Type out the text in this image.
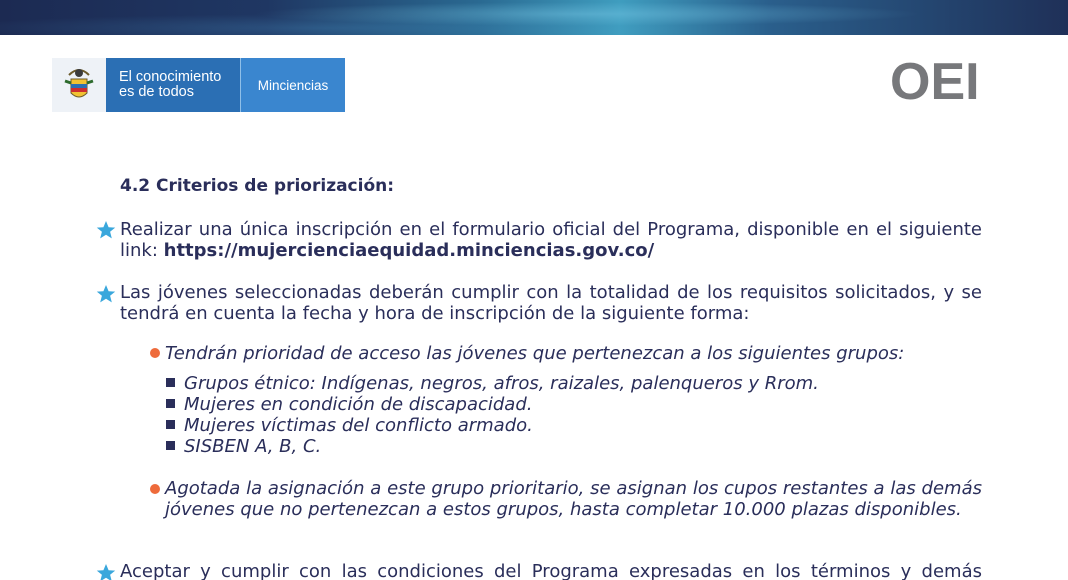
El conocimiento
es de todos	Minciencias	OEI
4.2 Criterios de priorización:
Realizar una única inscripción en el formulario oficial del Programa, disponible en el siguiente link: https://mujercienciaequidad.minciencias.gov.co/
Las jóvenes seleccionadas deberán cumplir con la totalidad de los requisitos solicitados, y se tendrá en cuenta la fecha y hora de inscripción de la siguiente forma:
Tendrán prioridad de acceso las jóvenes que pertenezcan a los siguientes grupos:
Grupos étnico: Indígenas, negros, afros, raizales, palenqueros y Rrom.
Mujeres en condición de discapacidad.
Mujeres víctimas del conflicto armado.
SISBEN A, B, C.
Agotada la asignación a este grupo prioritario, se asignan los cupos restantes a las demás jóvenes que no pertenezcan a estos grupos, hasta completar 10.000 plazas disponibles.
Aceptar y cumplir con las condiciones del Programa expresadas en los términos y demás
